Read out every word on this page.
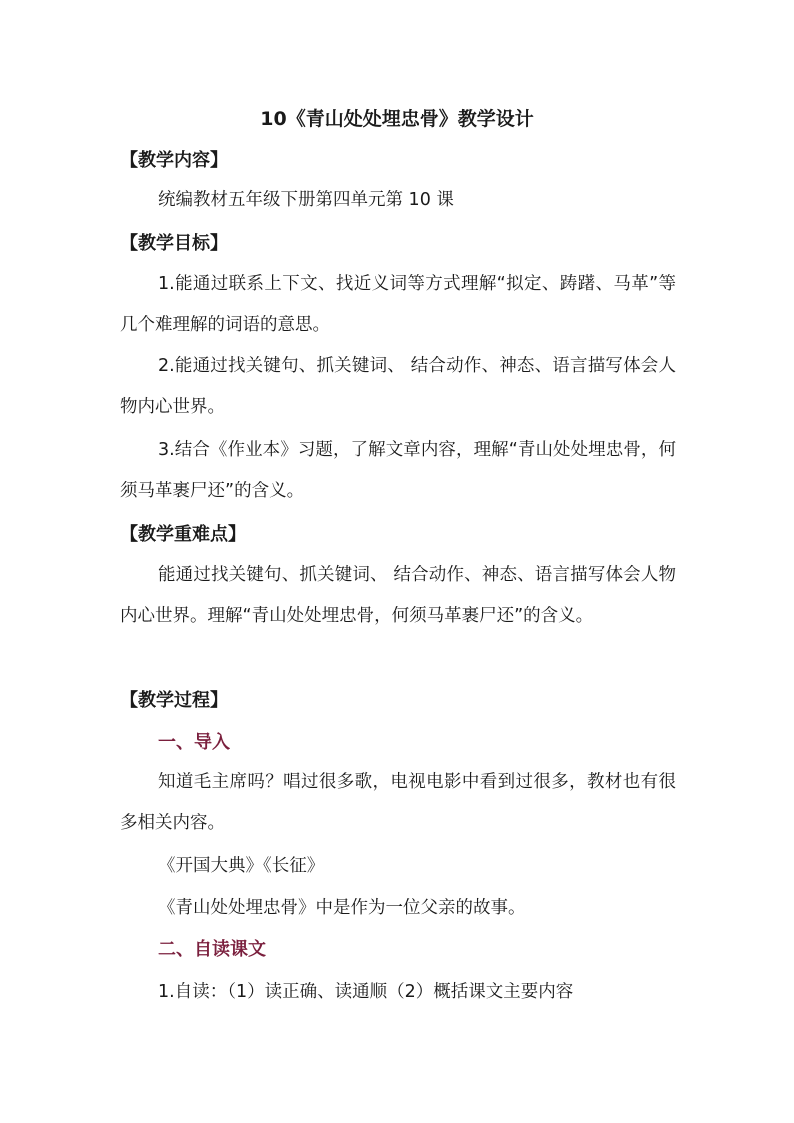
10《青山处处埋忠骨》教学设计
【教学内容】
统编教材五年级下册第四单元第 10 课
【教学目标】
1.能通过联系上下文、找近义词等方式理解“拟定、踌躇、马革”等几个难理解的词语的意思。
2.能通过找关键句、抓关键词、 结合动作、神态、语言描写体会人物内心世界。
3.结合《作业本》习题，了解文章内容，理解“青山处处埋忠骨，何须马革裹尸还”的含义。
【教学重难点】
能通过找关键句、抓关键词、 结合动作、神态、语言描写体会人物内心世界。理解“青山处处埋忠骨，何须马革裹尸还”的含义。
【教学过程】
一、导入
知道毛主席吗？唱过很多歌，电视电影中看到过很多，教材也有很多相关内容。
《开国大典》《长征》
《青山处处埋忠骨》中是作为一位父亲的故事。
二、自读课文
1.自读：（1）读正确、读通顺（2）概括课文主要内容
